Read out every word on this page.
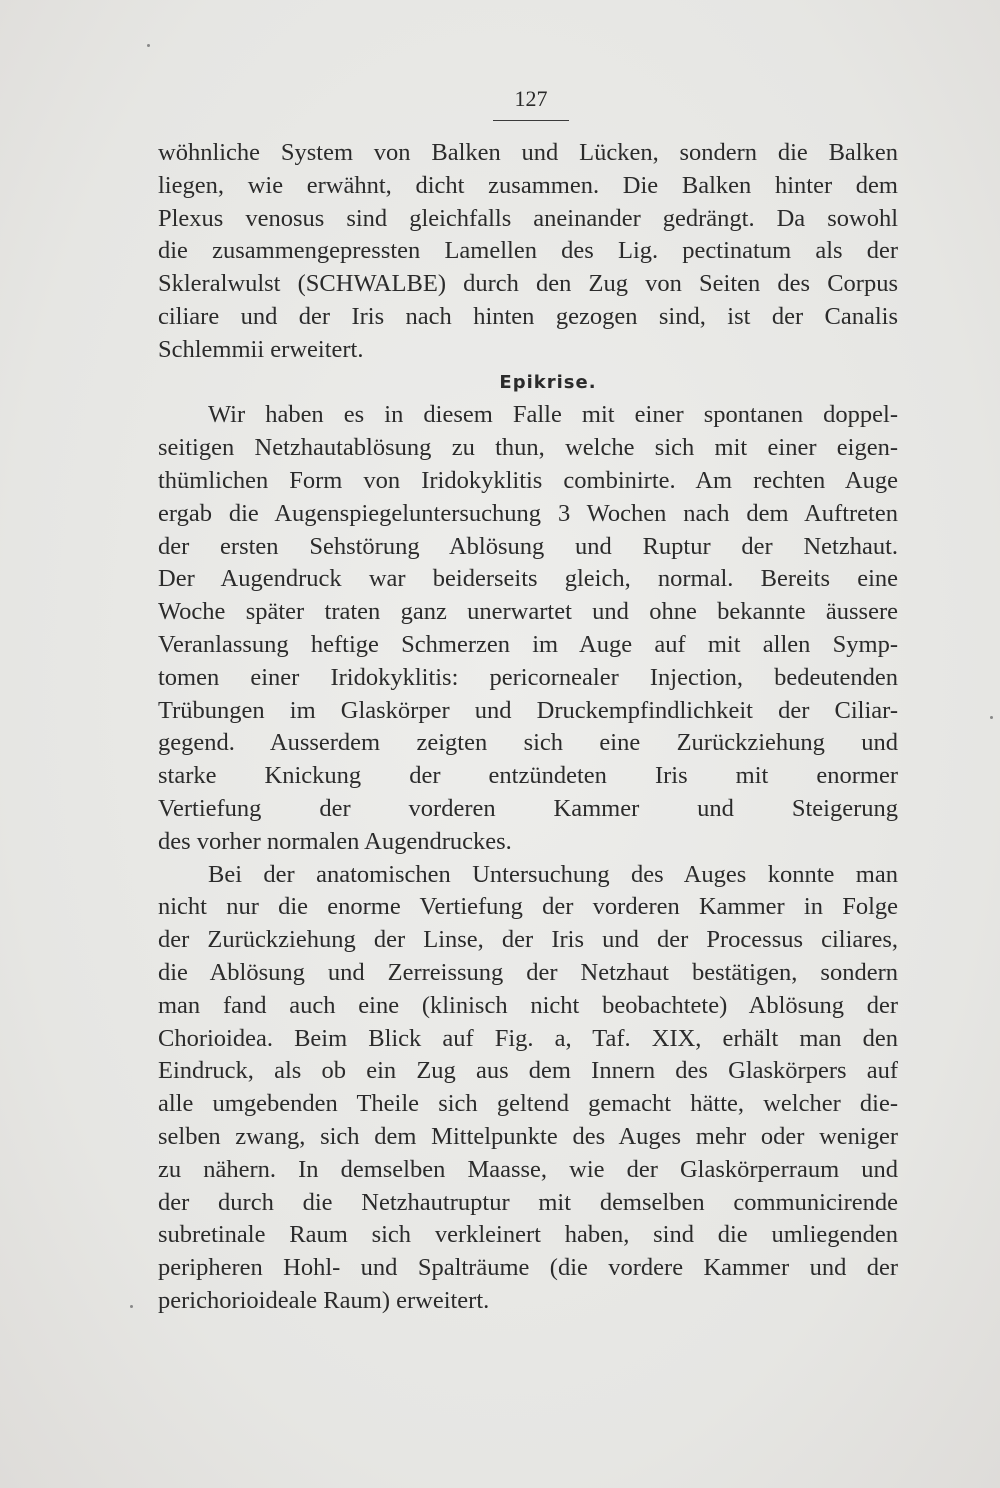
127
wöhnliche System von Balken und Lücken, sondern die Balken
liegen, wie erwähnt, dicht zusammen. Die Balken hinter dem
Plexus venosus sind gleichfalls aneinander gedrängt. Da sowohl
die zusammengepressten Lamellen des Lig. pectinatum als der
Skleralwulst (SCHWALBE) durch den Zug von Seiten des Corpus
ciliare und der Iris nach hinten gezogen sind, ist der Canalis
Schlemmii erweitert.
Epikrise.
Wir haben es in diesem Falle mit einer spontanen doppel-
seitigen Netzhautablösung zu thun, welche sich mit einer eigen-
thümlichen Form von Iridokyklitis combinirte. Am rechten Auge
ergab die Augenspiegeluntersuchung 3 Wochen nach dem Auftreten
der ersten Sehstörung Ablösung und Ruptur der Netzhaut.
Der Augendruck war beiderseits gleich, normal. Bereits eine
Woche später traten ganz unerwartet und ohne bekannte äussere
Veranlassung heftige Schmerzen im Auge auf mit allen Symp-
tomen einer Iridokyklitis: pericornealer Injection, bedeutenden
Trübungen im Glaskörper und Druckempfindlichkeit der Ciliar-
gegend. Ausserdem zeigten sich eine Zurückziehung und
starke Knickung der entzündeten Iris mit enormer
Vertiefung der vorderen Kammer und Steigerung
des vorher normalen Augendruckes.
Bei der anatomischen Untersuchung des Auges konnte man
nicht nur die enorme Vertiefung der vorderen Kammer in Folge
der Zurückziehung der Linse, der Iris und der Processus ciliares,
die Ablösung und Zerreissung der Netzhaut bestätigen, sondern
man fand auch eine (klinisch nicht beobachtete) Ablösung der
Chorioidea. Beim Blick auf Fig. a, Taf. XIX, erhält man den
Eindruck, als ob ein Zug aus dem Innern des Glaskörpers auf
alle umgebenden Theile sich geltend gemacht hätte, welcher die-
selben zwang, sich dem Mittelpunkte des Auges mehr oder weniger
zu nähern. In demselben Maasse, wie der Glaskörperraum und
der durch die Netzhautruptur mit demselben communicirende
subretinale Raum sich verkleinert haben, sind die umliegenden
peripheren Hohl- und Spalträume (die vordere Kammer und der
perichorioideale Raum) erweitert.
